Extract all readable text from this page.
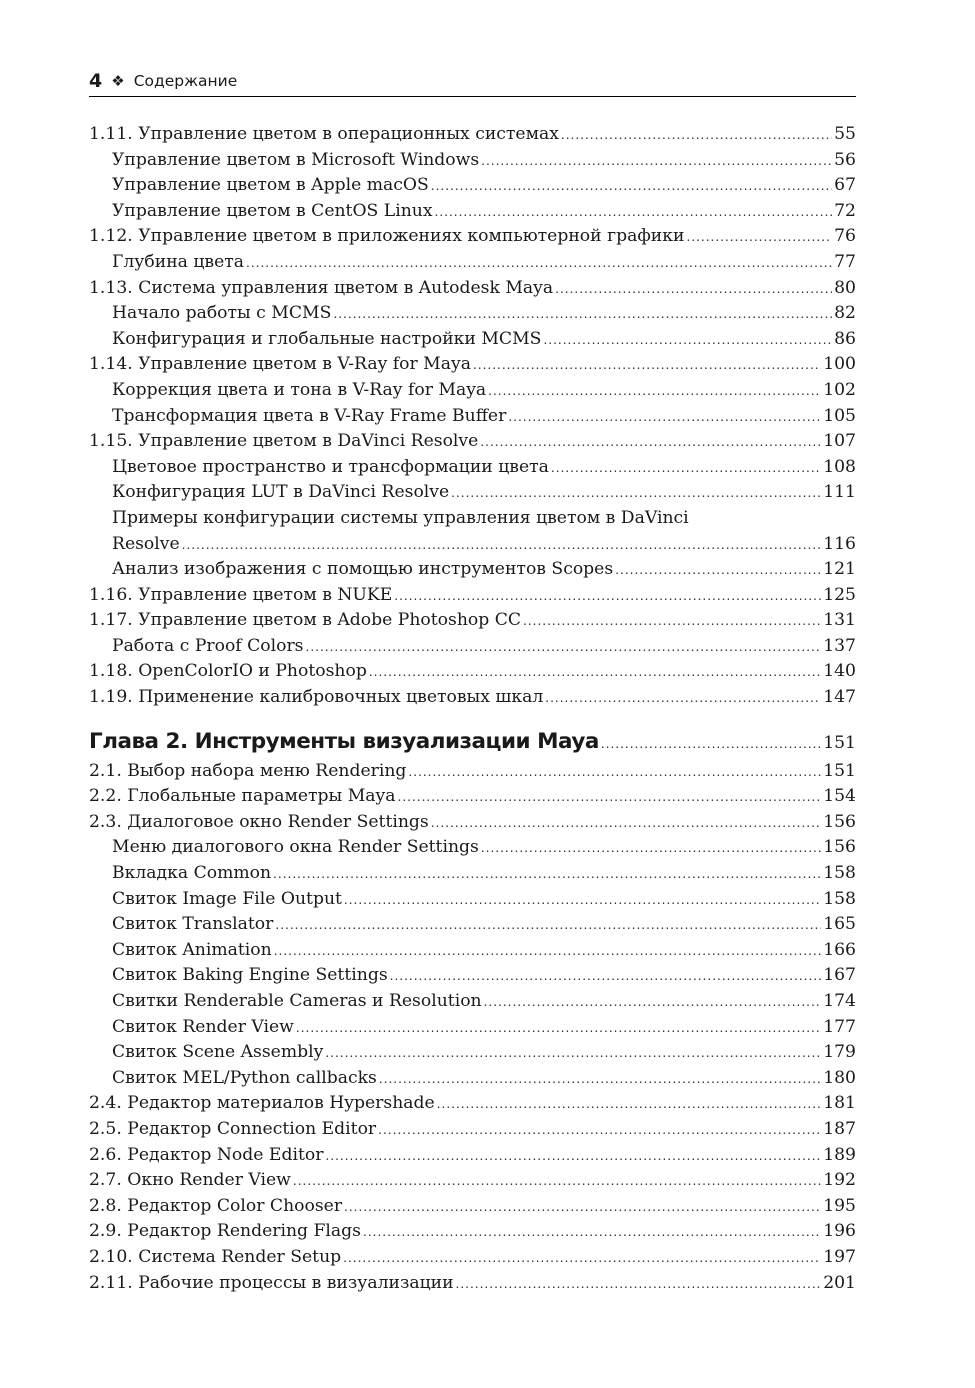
4 ❖ Содержание
1.11. Управление цветом в операционных системах .....	55
Управление цветом в Microsoft Windows .....	56
Управление цветом в Apple macOS .....	67
Управление цветом в CentOS Linux .....	72
1.12. Управление цветом в приложениях компьютерной графики .....	76
Глубина цвета .....	77
1.13. Система управления цветом в Autodesk Maya .....	80
Начало работы с MCMS .....	82
Конфигурация и глобальные настройки MCMS .....	86
1.14. Управление цветом в V-Ray for Maya .....	100
Коррекция цвета и тона в V-Ray for Maya .....	102
Трансформация цвета в V-Ray Frame Buffer .....	105
1.15. Управление цветом в DaVinci Resolve .....	107
Цветовое пространство и трансформации цвета .....	108
Конфигурация LUT в DaVinci Resolve .....	111
Примеры конфигурации системы управления цветом в DaVinci
Resolve .....	116
Анализ изображения с помощью инструментов Scopes .....	121
1.16. Управление цветом в NUKE .....	125
1.17. Управление цветом в Adobe Photoshop CC .....	131
Работа с Proof Colors .....	137
1.18. OpenColorIO и Photoshop .....	140
1.19. Применение калибровочных цветовых шкал .....	147
Глава 2. Инструменты визуализации Maya .....	151
2.1. Выбор набора меню Rendering .....	151
2.2. Глобальные параметры Maya .....	154
2.3. Диалоговое окно Render Settings .....	156
Меню диалогового окна Render Settings .....	156
Вкладка Common .....	158
Свиток Image File Output .....	158
Свиток Translator .....	165
Свиток Animation .....	166
Свиток Baking Engine Settings .....	167
Свитки Renderable Cameras и Resolution .....	174
Свиток Render View .....	177
Свиток Scene Assembly .....	179
Свиток MEL/Python callbacks .....	180
2.4. Редактор материалов Hypershade .....	181
2.5. Редактор Connection Editor .....	187
2.6. Редактор Node Editor .....	189
2.7. Окно Render View .....	192
2.8. Редактор Color Chooser .....	195
2.9. Редактор Rendering Flags .....	196
2.10. Система Render Setup .....	197
2.11. Рабочие процессы в визуализации .....	201
